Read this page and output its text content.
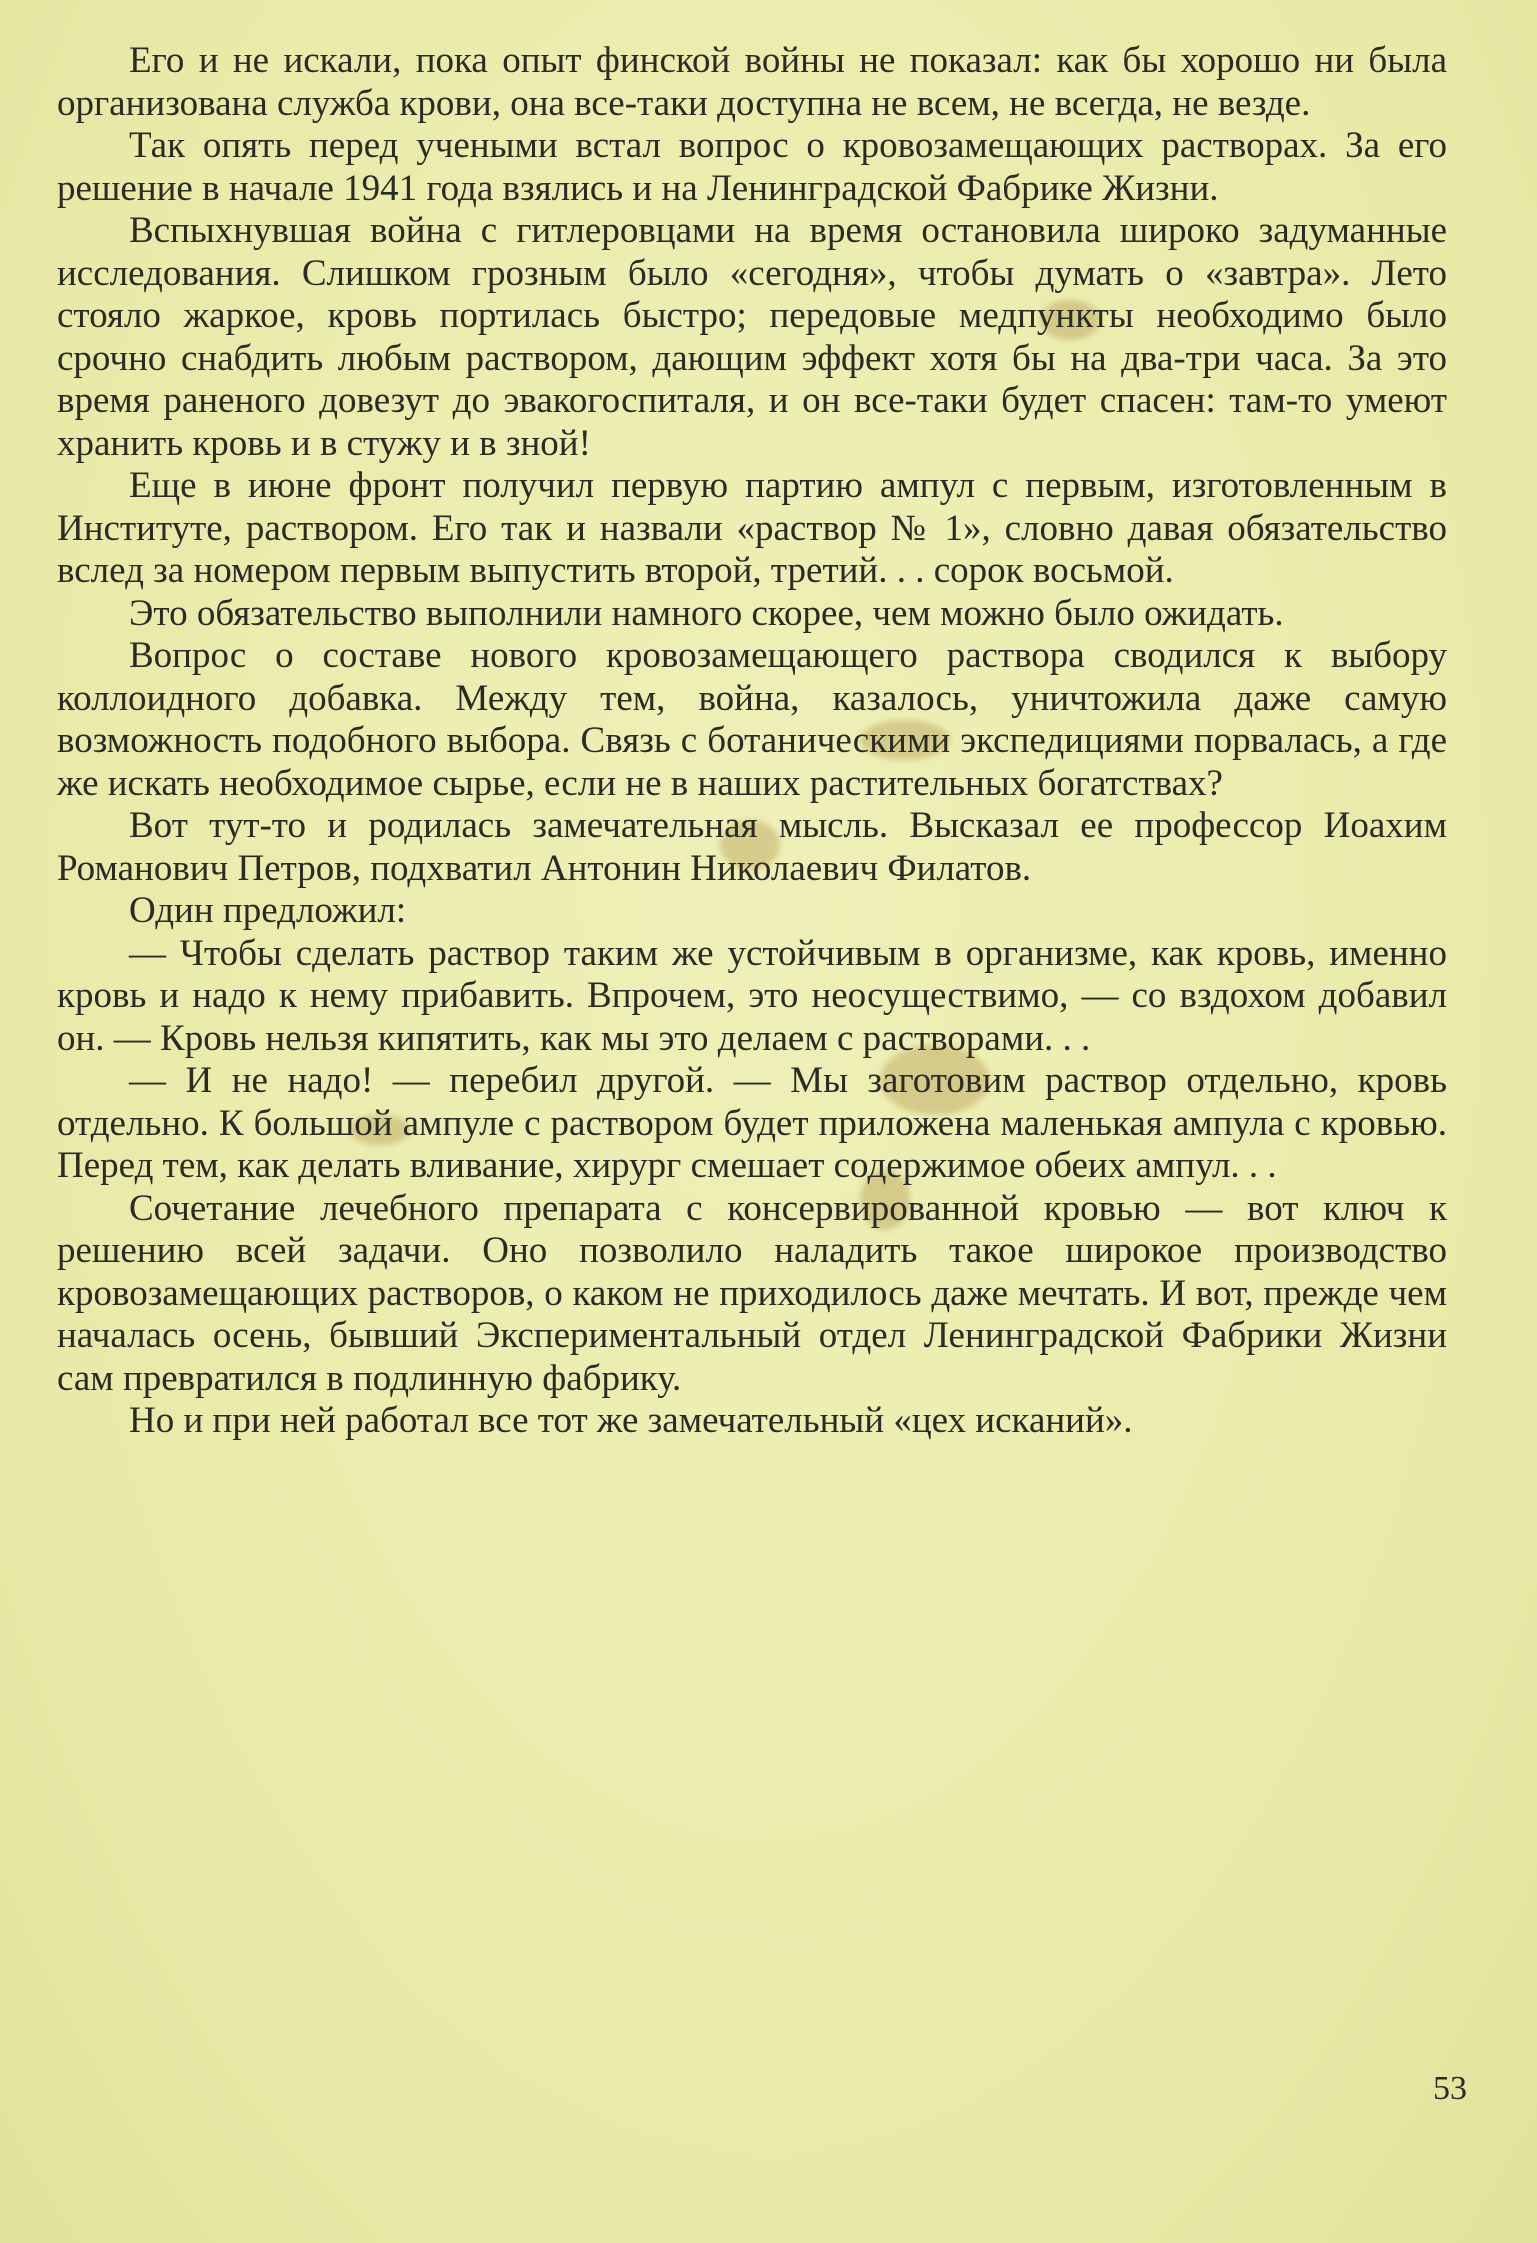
Его и не искали, пока опыт финской войны не показал: как бы хорошо ни была организована служба крови, она все-таки доступна не всем, не всегда, не везде.

Так опять перед учеными встал вопрос о кровозамещающих растворах. За его решение в начале 1941 года взялись и на Ленинградской Фабрике Жизни.

Вспыхнувшая война с гитлеровцами на время остановила широко задуманные исследования. Слишком грозным было «сегодня», чтобы думать о «завтра». Лето стояло жаркое, кровь портилась быстро; передовые медпункты необходимо было срочно снабдить любым раствором, дающим эффект хотя бы на два-три часа. За это время раненого довезут до эвакогоспиталя, и он все-таки будет спасен: там-то умеют хранить кровь и в стужу и в зной!

Еще в июне фронт получил первую партию ампул с первым, изготовленным в Институте, раствором. Его так и назвали «раствор № 1», словно давая обязательство вслед за номером первым выпустить второй, третий. . . сорок восьмой.

Это обязательство выполнили намного скорее, чем можно было ожидать.

Вопрос о составе нового кровозамещающего раствора сводился к выбору коллоидного добавка. Между тем, война, казалось, уничтожила даже самую возможность подобного выбора. Связь с ботаническими экспедициями порвалась, а где же искать необходимое сырье, если не в наших растительных богатствах?

Вот тут-то и родилась замечательная мысль. Высказал ее профессор Иоахим Романович Петров, подхватил Антонин Николаевич Филатов.

Один предложил:

— Чтобы сделать раствор таким же устойчивым в организме, как кровь, именно кровь и надо к нему прибавить. Впрочем, это неосуществимо, — со вздохом добавил он. — Кровь нельзя кипятить, как мы это делаем с растворами. . .

— И не надо! — перебил другой. — Мы заготовим раствор отдельно, кровь отдельно. К большой ампуле с раствором будет приложена маленькая ампула с кровью. Перед тем, как делать вливание, хирург смешает содержимое обеих ампул. . .

Сочетание лечебного препарата с консервированной кровью — вот ключ к решению всей задачи. Оно позволило наладить такое широкое производство кровозамещающих растворов, о каком не приходилось даже мечтать. И вот, прежде чем началась осень, бывший Экспериментальный отдел Ленинградской Фабрики Жизни сам превратился в подлинную фабрику.

Но и при ней работал все тот же замечательный «цех исканий».

53
